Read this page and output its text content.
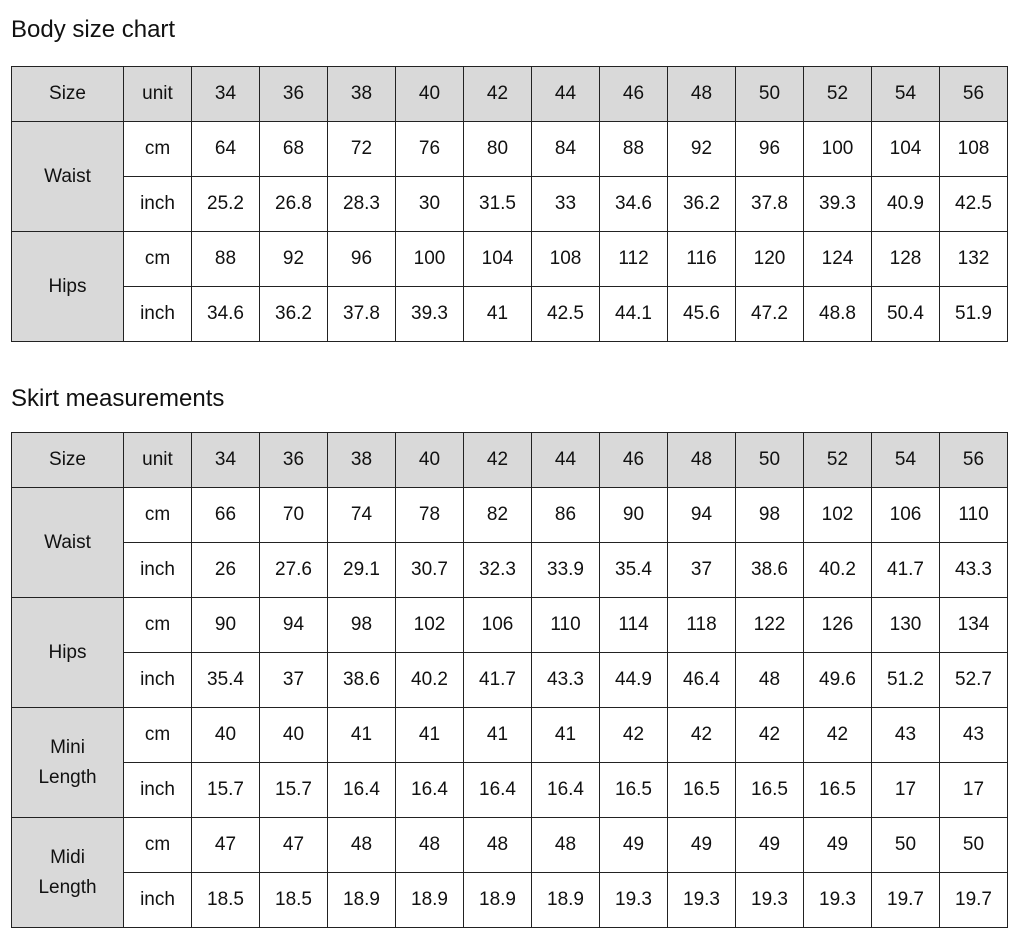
Body size chart
Size	unit	34	36	38	40	42	44	46	48	50	52	54	56
Waist	cm	64	68	72	76	80	84	88	92	96	100	104	108
	inch	25.2	26.8	28.3	30	31.5	33	34.6	36.2	37.8	39.3	40.9	42.5
Hips	cm	88	92	96	100	104	108	112	116	120	124	128	132
	inch	34.6	36.2	37.8	39.3	41	42.5	44.1	45.6	47.2	48.8	50.4	51.9
Skirt measurements
Size	unit	34	36	38	40	42	44	46	48	50	52	54	56
Waist	cm	66	70	74	78	82	86	90	94	98	102	106	110
	inch	26	27.6	29.1	30.7	32.3	33.9	35.4	37	38.6	40.2	41.7	43.3
Hips	cm	90	94	98	102	106	110	114	118	122	126	130	134
	inch	35.4	37	38.6	40.2	41.7	43.3	44.9	46.4	48	49.6	51.2	52.7
Mini
Length	cm	40	40	41	41	41	41	42	42	42	42	43	43
	inch	15.7	15.7	16.4	16.4	16.4	16.4	16.5	16.5	16.5	16.5	17	17
Midi
Length	cm	47	47	48	48	48	48	49	49	49	49	50	50
	inch	18.5	18.5	18.9	18.9	18.9	18.9	19.3	19.3	19.3	19.3	19.7	19.7
